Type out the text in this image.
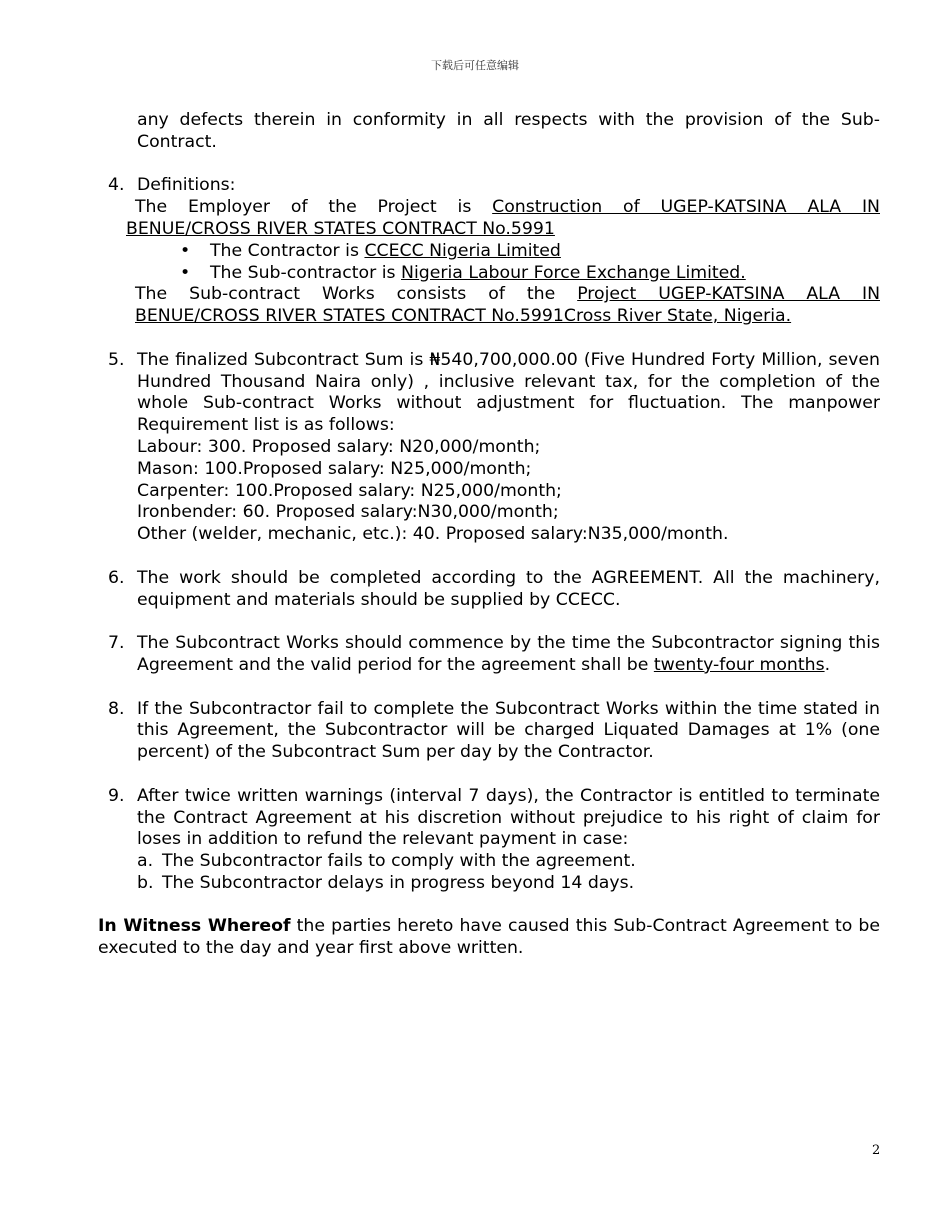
下载后可任意编辑

any defects therein in conformity in all respects with the provision of the Sub-

Contract.

4. Definitions:

The Employer of the Project is Construction of UGEP-KATSINA ALA IN

BENUE/CROSS RIVER STATES CONTRACT No.5991

• The Contractor is CCECC Nigeria Limited
• The Sub-contractor is Nigeria Labour Force Exchange Limited.

The Sub-contract Works consists of the Project UGEP-KATSINA ALA IN

BENUE/CROSS RIVER STATES CONTRACT No.5991Cross River State, Nigeria.

5. The finalized Subcontract Sum is ₦540,700,000.00 (Five Hundred Forty Million, seven Hundred Thousand Naira only) , inclusive relevant tax, for the completion of the whole Sub-contract Works without adjustment for fluctuation. The manpower Requirement list is as follows:

Labour: 300. Proposed salary: N20,000/month;

Mason: 100.Proposed salary: N25,000/month;

Carpenter: 100.Proposed salary: N25,000/month;

Ironbender: 60. Proposed salary:N30,000/month;

Other (welder, mechanic, etc.): 40. Proposed salary:N35,000/month.

6. The work should be completed according to the AGREEMENT. All the machinery, equipment and materials should be supplied by CCECC.

7. The Subcontract Works should commence by the time the Subcontractor signing this Agreement and the valid period for the agreement shall be twenty-four months.

8. If the Subcontractor fail to complete the Subcontract Works within the time stated in this Agreement, the Subcontractor will be charged Liquated Damages at 1% (one percent) of the Subcontract Sum per day by the Contractor.

9. After twice written warnings (interval 7 days), the Contractor is entitled to terminate the Contract Agreement at his discretion without prejudice to his right of claim for loses in addition to refund the relevant payment in case:

a. The Subcontractor fails to comply with the agreement.
b. The Subcontractor delays in progress beyond 14 days.

In Witness Whereof the parties hereto have caused this Sub-Contract Agreement to be executed to the day and year first above written.

2
